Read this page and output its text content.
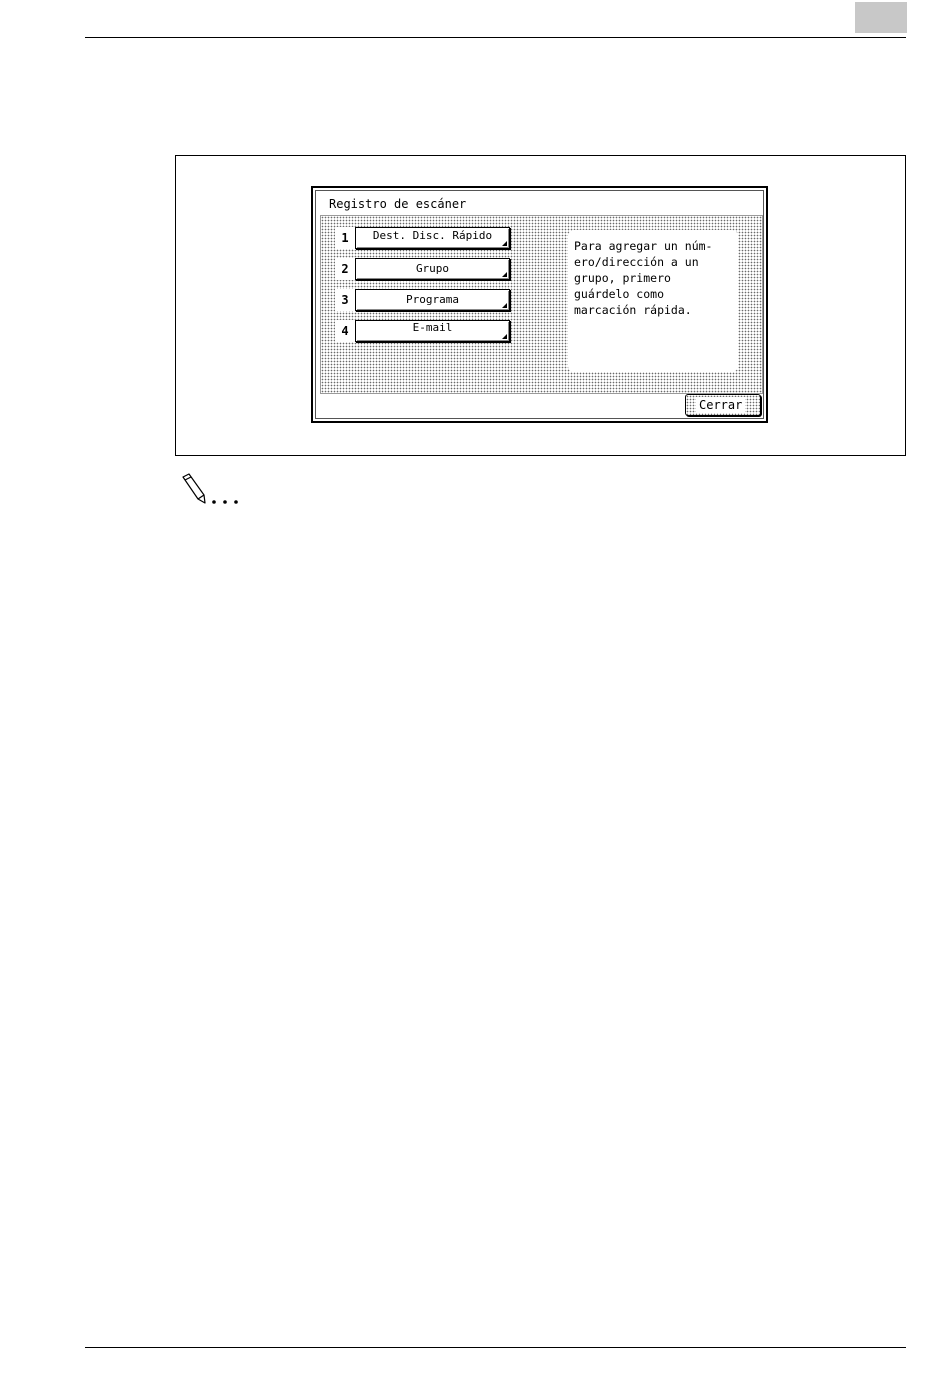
Registro de escáner
1	Dest. Disc. Rápido
2	Grupo
3	Programa
4	E-mail
Para agregar un núm-
ero/dirección a un
grupo, primero
guárdelo como
marcación rápida.
Cerrar
